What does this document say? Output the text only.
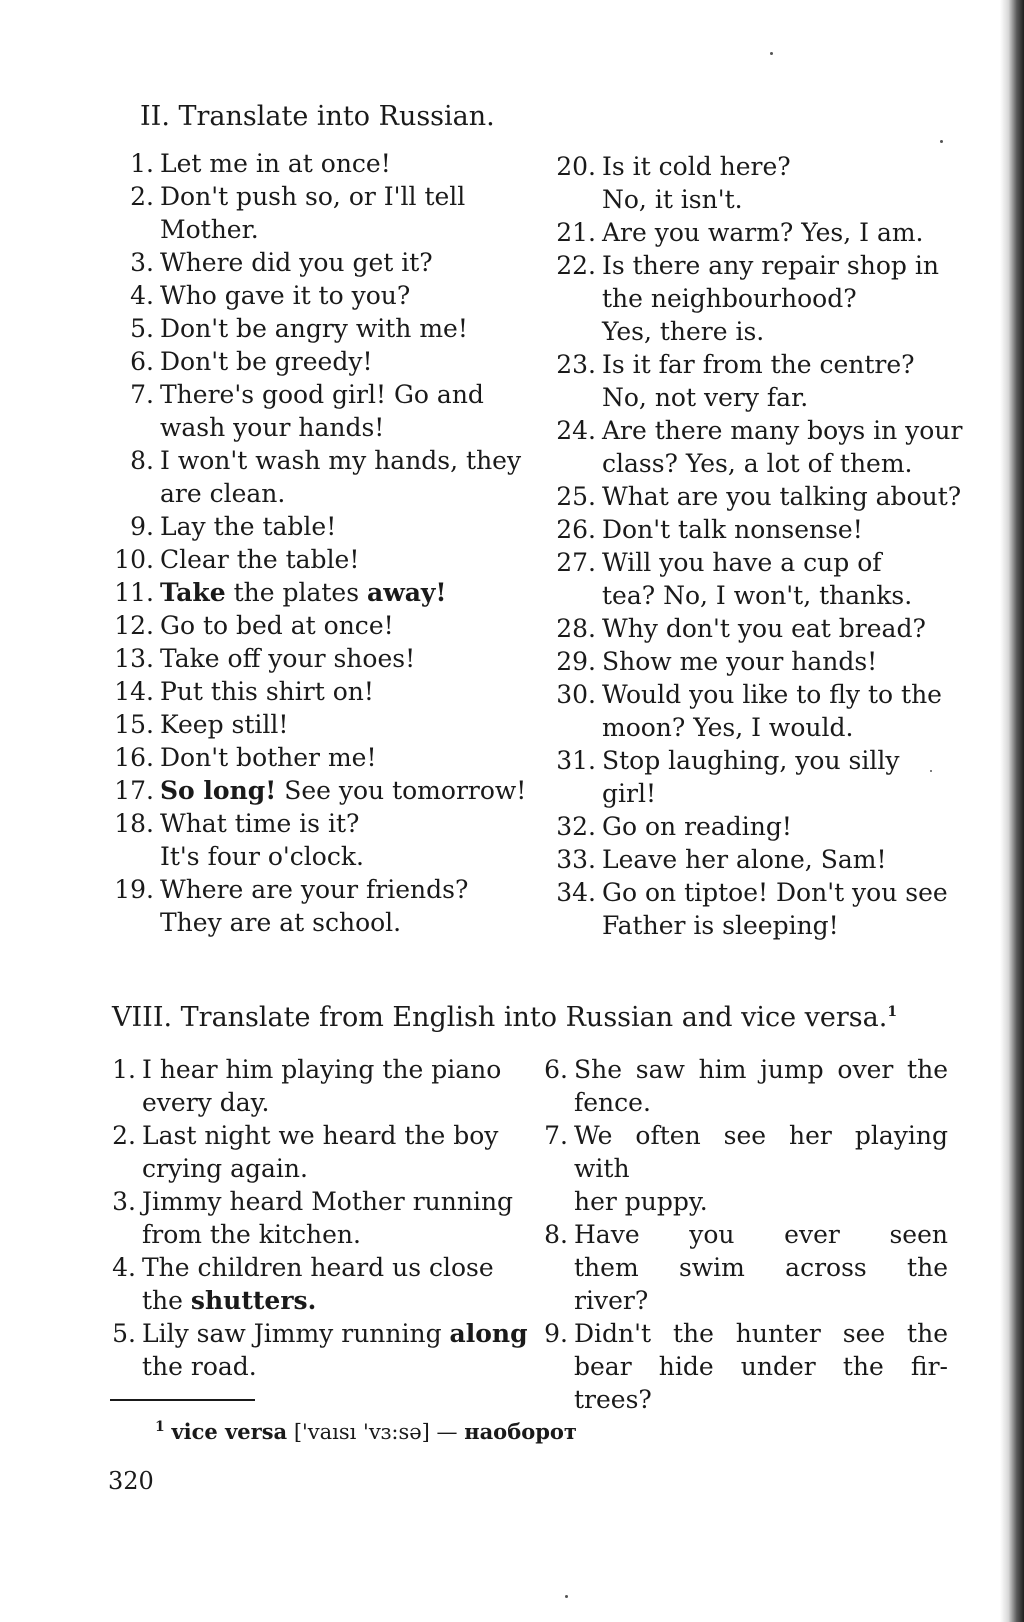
II. Translate into Russian.
1. Let me in at once!
2. Don't push so, or I'll tell
Mother.
3. Where did you get it?
4. Who gave it to you?
5. Don't be angry with me!
6. Don't be greedy!
7. There's good girl! Go and
wash your hands!
8. I won't wash my hands, they
are clean.
9. Lay the table!
10. Clear the table!
11. Take the plates away!
12. Go to bed at once!
13. Take off your shoes!
14. Put this shirt on!
15. Keep still!
16. Don't bother me!
17. So long! See you tomorrow!
18. What time is it?
It's four o'clock.
19. Where are your friends?
They are at school.
20. Is it cold here?
No, it isn't.
21. Are you warm? Yes, I am.
22. Is there any repair shop in
the neighbourhood?
Yes, there is.
23. Is it far from the centre?
No, not very far.
24. Are there many boys in your
class? Yes, a lot of them.
25. What are you talking about?
26. Don't talk nonsense!
27. Will you have a cup of
tea? No, I won't, thanks.
28. Why don't you eat bread?
29. Show me your hands!
30. Would you like to fly to the
moon? Yes, I would.
31. Stop laughing, you silly
girl!
32. Go on reading!
33. Leave her alone, Sam!
34. Go on tiptoe! Don't you see
Father is sleeping!
VIII. Translate from English into Russian and vice versa.$^1$
1. I hear him playing the piano
every day.
2. Last night we heard the boy
crying again.
3. Jimmy heard Mother running
from the kitchen.
4. The children heard us close
the shutters.
5. Lily saw Jimmy running along
the road.
6. She saw him jump over the
fence.
7. We often see her playing with
her puppy.
8. Have you ever seen
them swim across the
river?
9. Didn't the hunter see the
bear hide under the fir-
trees?
$^1$ vice versa ['vaısı 'vɜ:sə] — наоборот
320
